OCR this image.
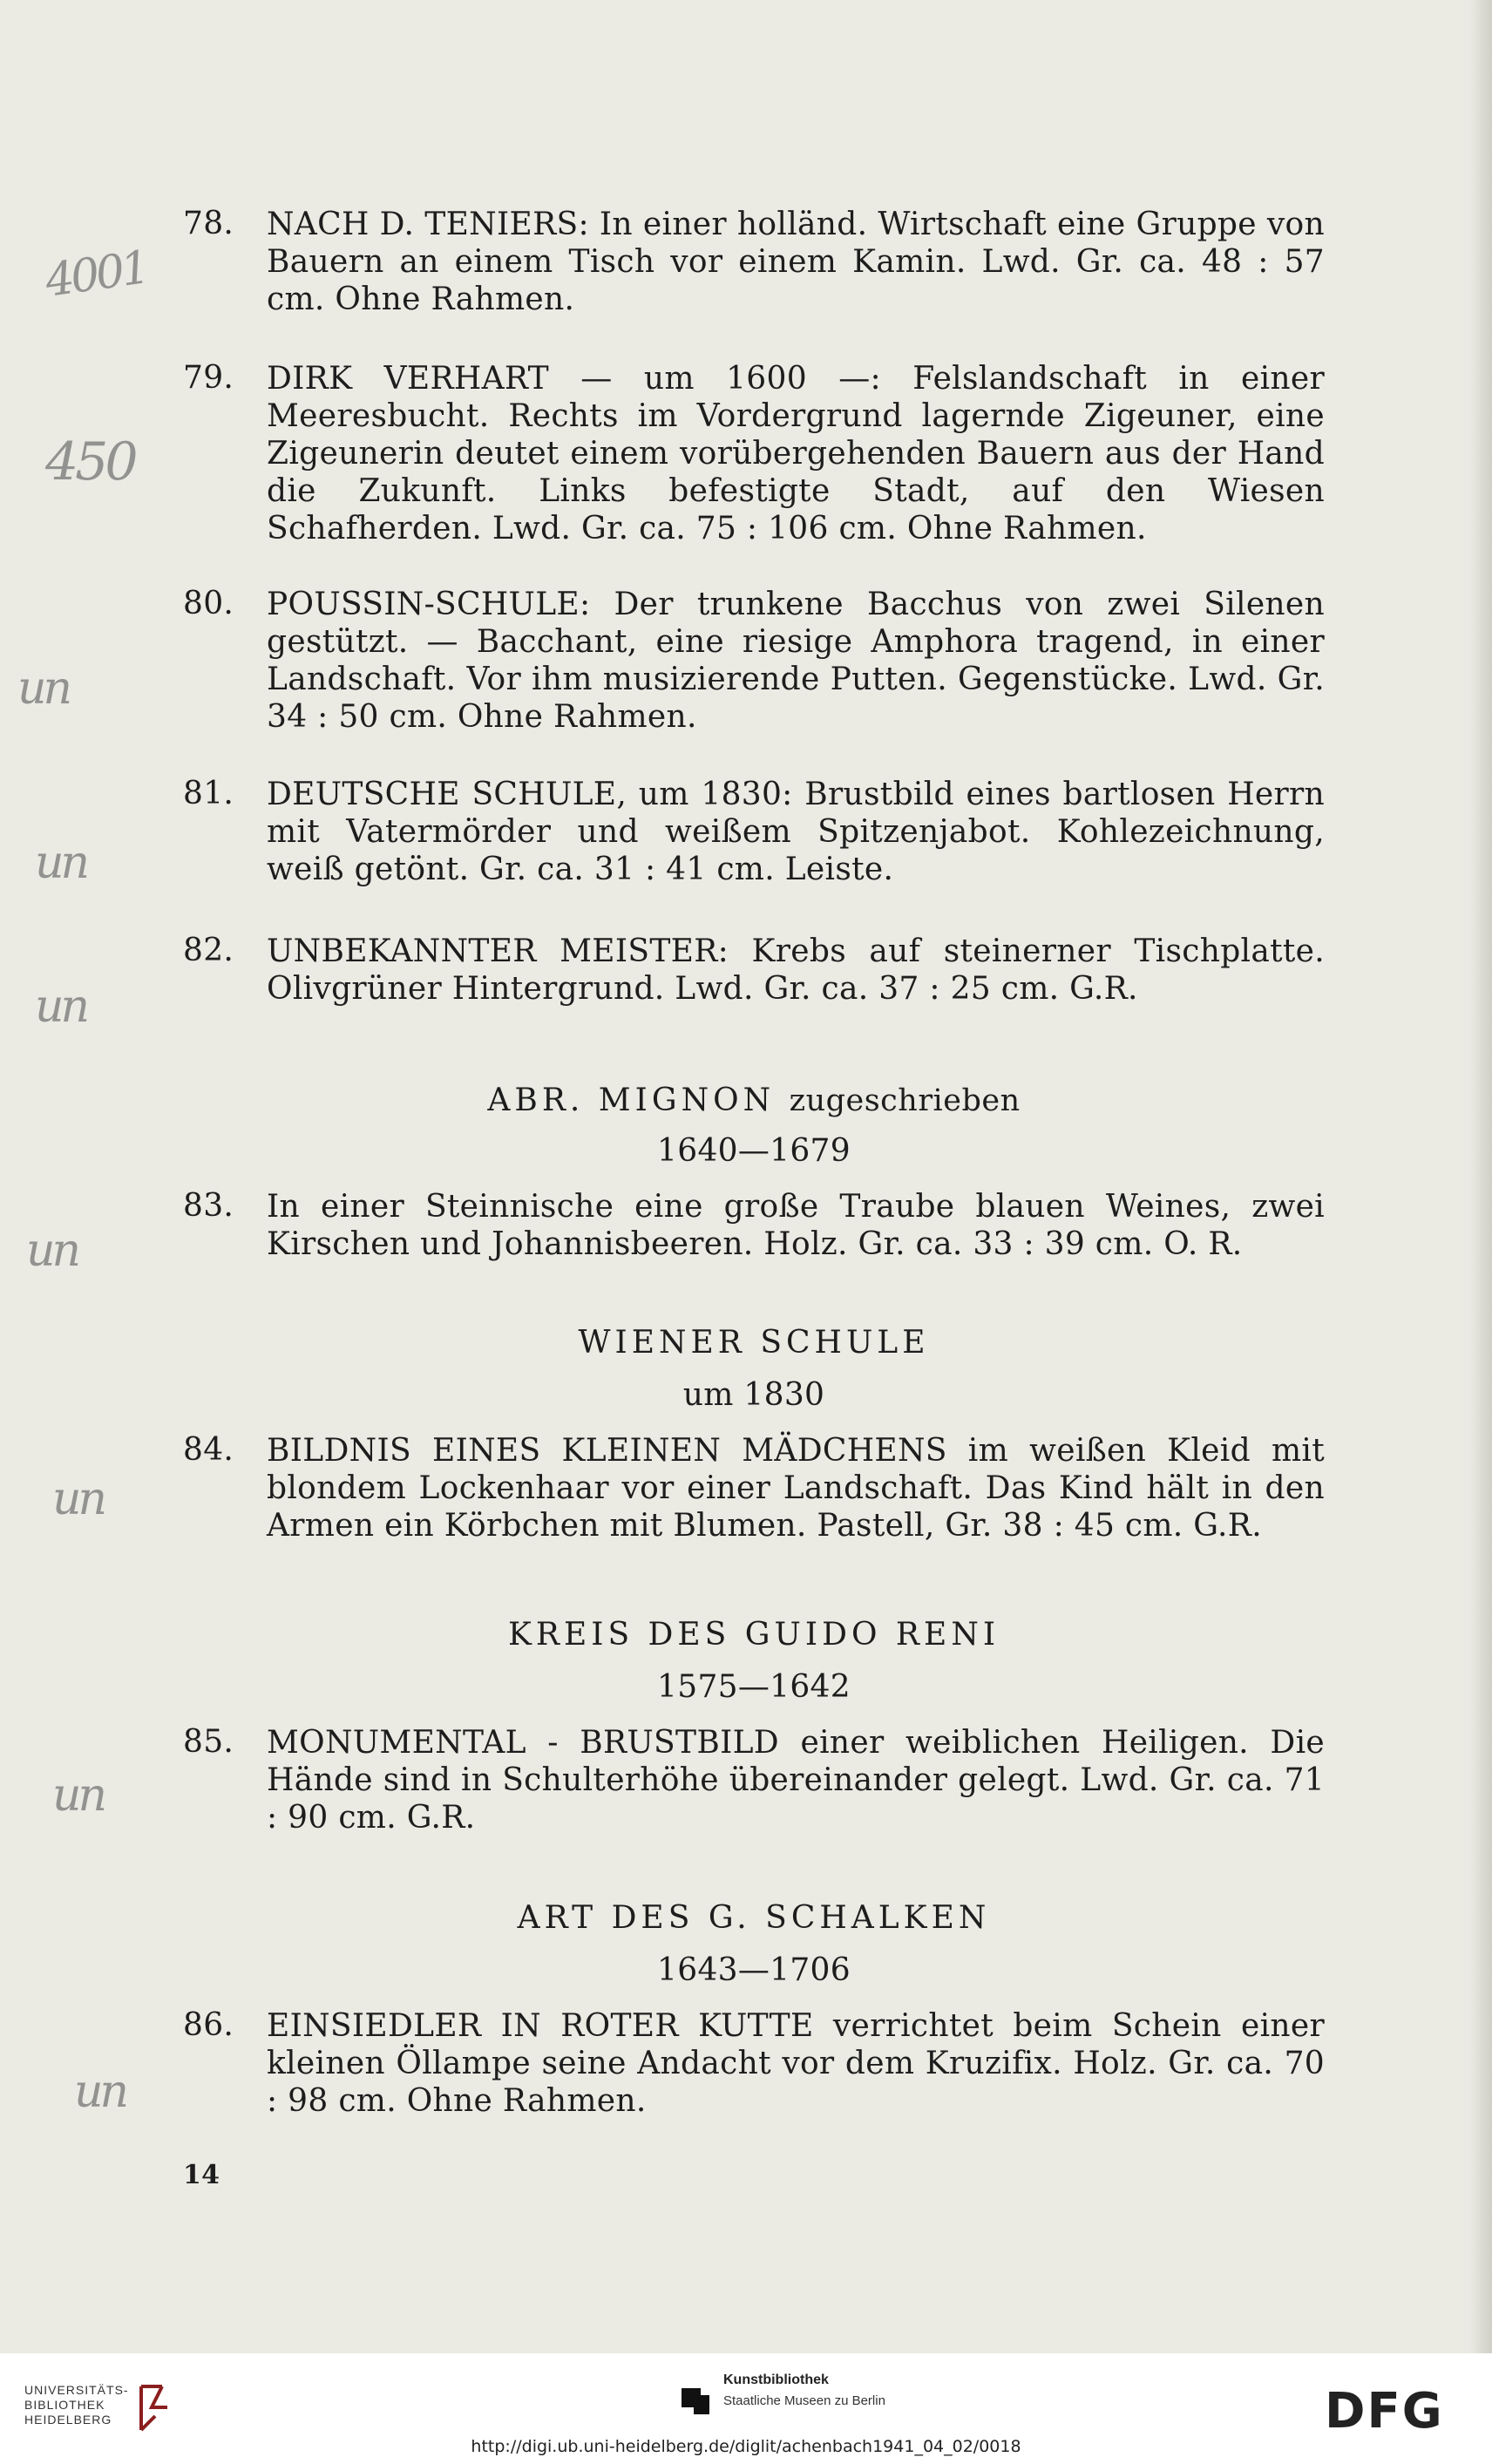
4001
450
un
un
un
un
un
un
un
78.	NACH D. TENIERS: In einer holländ. Wirtschaft eine Gruppe von Bauern an einem Tisch vor einem Kamin. Lwd. Gr. ca. 48 : 57 cm. Ohne Rahmen.
79.	DIRK VERHART — um 1600 —: Felslandschaft in einer Meeresbucht. Rechts im Vordergrund lagernde Zigeuner, eine Zigeunerin deutet einem vorübergehenden Bauern aus der Hand die Zukunft. Links befestigte Stadt, auf den Wiesen Schafherden. Lwd. Gr. ca. 75 : 106 cm. Ohne Rahmen.
80.	POUSSIN-SCHULE: Der trunkene Bacchus von zwei Silenen gestützt. — Bacchant, eine riesige Amphora tragend, in einer Landschaft. Vor ihm musizierende Putten. Gegenstücke. Lwd. Gr. 34 : 50 cm. Ohne Rahmen.
81.	DEUTSCHE SCHULE, um 1830: Brustbild eines bartlosen Herrn mit Vatermörder und weißem Spitzenjabot. Kohlezeichnung, weiß getönt. Gr. ca. 31 : 41 cm. Leiste.
82.	UNBEKANNTER MEISTER: Krebs auf steinerner Tischplatte. Olivgrüner Hintergrund. Lwd. Gr. ca. 37 : 25 cm. G.R.
ABR. MIGNON zugeschrieben
1640—1679
83.	In einer Steinnische eine große Traube blauen Weines, zwei Kirschen und Johannisbeeren. Holz. Gr. ca. 33 : 39 cm. O. R.
WIENER SCHULE
um 1830
84.	BILDNIS EINES KLEINEN MÄDCHENS im weißen Kleid mit blondem Lockenhaar vor einer Landschaft. Das Kind hält in den Armen ein Körbchen mit Blumen. Pastell, Gr. 38 : 45 cm. G.R.
KREIS DES GUIDO RENI
1575—1642
85.	MONUMENTAL - BRUSTBILD einer weiblichen Heiligen. Die Hände sind in Schulterhöhe übereinander gelegt. Lwd. Gr. ca. 71 : 90 cm. G.R.
ART DES G. SCHALKEN
1643—1706
86.	EINSIEDLER IN ROTER KUTTE verrichtet beim Schein einer kleinen Öllampe seine Andacht vor dem Kruzifix. Holz. Gr. ca. 70 : 98 cm. Ohne Rahmen.
14
UNIVERSITÄTS-
BIBLIOTHEK
HEIDELBERG
Kunstbibliothek
Staatliche Museen zu Berlin	DFG
http://digi.ub.uni-heidelberg.de/diglit/achenbach1941_04_02/0018
